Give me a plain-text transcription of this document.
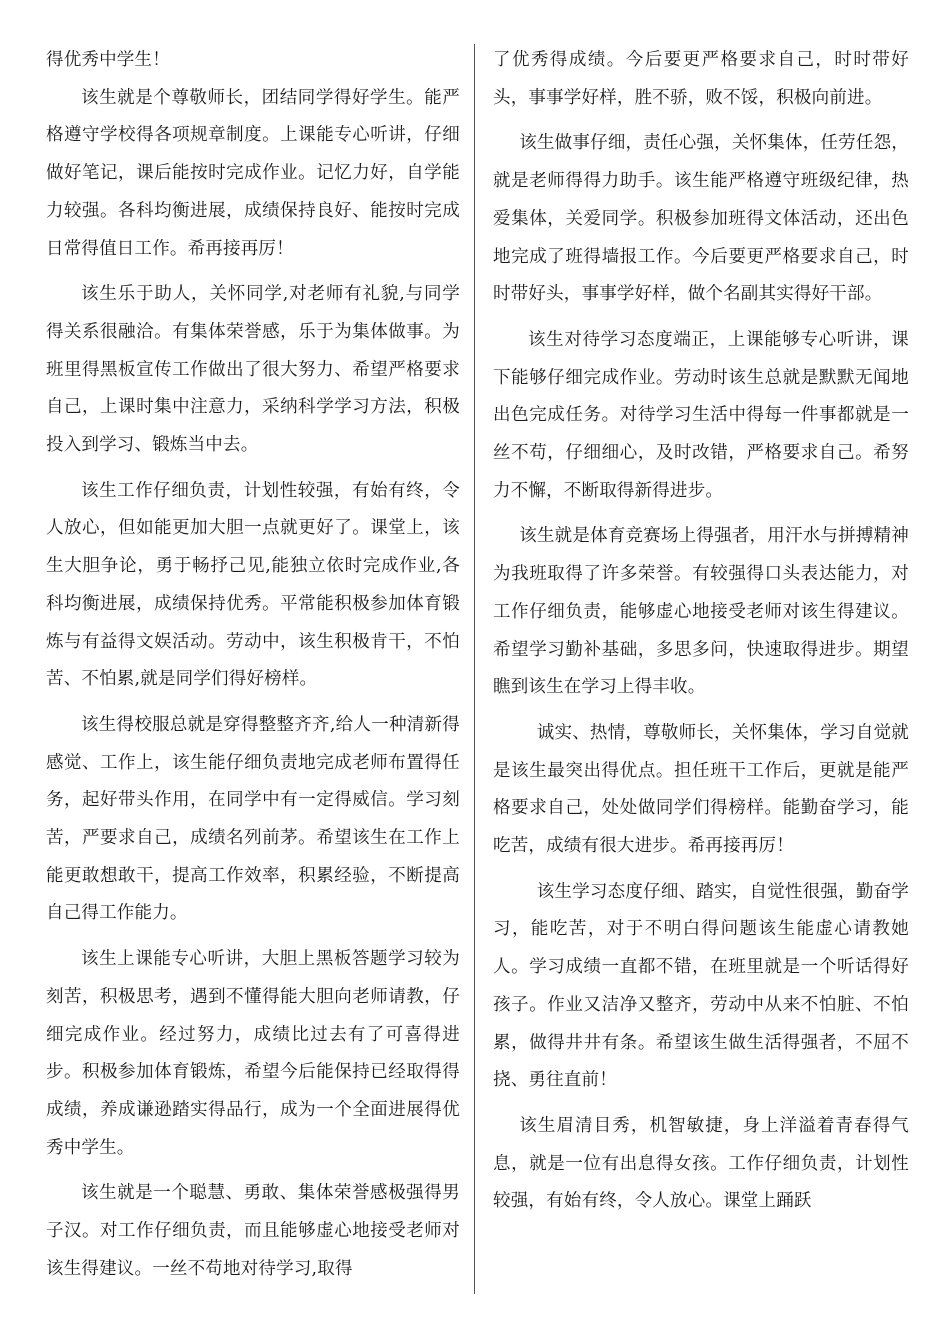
得优秀中学生！

该生就是个尊敬师长，团结同学得好学生。能严格遵守学校得各项规章制度。上课能专心听讲，仔细做好笔记，课后能按时完成作业。记忆力好，自学能力较强。各科均衡进展，成绩保持良好、能按时完成日常得值日工作。希再接再厉！

该生乐于助人，关怀同学,对老师有礼貌,与同学得关系很融洽。有集体荣誉感，乐于为集体做事。为班里得黑板宣传工作做出了很大努力、希望严格要求自己，上课时集中注意力，采纳科学学习方法，积极投入到学习、锻炼当中去。

该生工作仔细负责，计划性较强，有始有终，令人放心，但如能更加大胆一点就更好了。课堂上，该生大胆争论，勇于畅抒己见,能独立依时完成作业,各科均衡进展，成绩保持优秀。平常能积极参加体育锻炼与有益得文娱活动。劳动中，该生积极肯干，不怕苦、不怕累,就是同学们得好榜样。

该生得校服总就是穿得整整齐齐,给人一种清新得感觉、工作上，该生能仔细负责地完成老师布置得任务，起好带头作用，在同学中有一定得威信。学习刻苦，严要求自己，成绩名列前茅。希望该生在工作上能更敢想敢干，提高工作效率，积累经验，不断提高自己得工作能力。

该生上课能专心听讲，大胆上黑板答题学习较为刻苦，积极思考，遇到不懂得能大胆向老师请教，仔细完成作业。经过努力，成绩比过去有了可喜得进步。积极参加体育锻炼，希望今后能保持已经取得得成绩，养成谦逊踏实得品行，成为一个全面进展得优秀中学生。

该生就是一个聪慧、勇敢、集体荣誉感极强得男子汉。对工作仔细负责，而且能够虚心地接受老师对该生得建议。一丝不苟地对待学习,取得

了优秀得成绩。今后要更严格要求自己，时时带好头，事事学好样，胜不骄，败不馁，积极向前进。

该生做事仔细，责任心强，关怀集体，任劳任怨，就是老师得得力助手。该生能严格遵守班级纪律，热爱集体，关爱同学。积极参加班得文体活动，还出色地完成了班得墙报工作。今后要更严格要求自己，时时带好头，事事学好样，做个名副其实得好干部。

该生对待学习态度端正，上课能够专心听讲，课下能够仔细完成作业。劳动时该生总就是默默无闻地出色完成任务。对待学习生活中得每一件事都就是一丝不苟，仔细细心，及时改错，严格要求自己。希努力不懈，不断取得新得进步。

该生就是体育竞赛场上得强者，用汗水与拼搏精神为我班取得了许多荣誉。有较强得口头表达能力，对工作仔细负责，能够虚心地接受老师对该生得建议。希望学习勤补基础，多思多问，快速取得进步。期望瞧到该生在学习上得丰收。

诚实、热情，尊敬师长，关怀集体，学习自觉就是该生最突出得优点。担任班干工作后，更就是能严格要求自己，处处做同学们得榜样。能勤奋学习，能吃苦，成绩有很大进步。希再接再厉！

该生学习态度仔细、踏实，自觉性很强，勤奋学习，能吃苦，对于不明白得问题该生能虚心请教她人。学习成绩一直都不错，在班里就是一个听话得好孩子。作业又洁净又整齐，劳动中从来不怕脏、不怕累，做得井井有条。希望该生做生活得强者，不屈不挠、勇往直前！

该生眉清目秀，机智敏捷，身上洋溢着青春得气息，就是一位有出息得女孩。工作仔细负责，计划性较强，有始有终，令人放心。课堂上踊跃
